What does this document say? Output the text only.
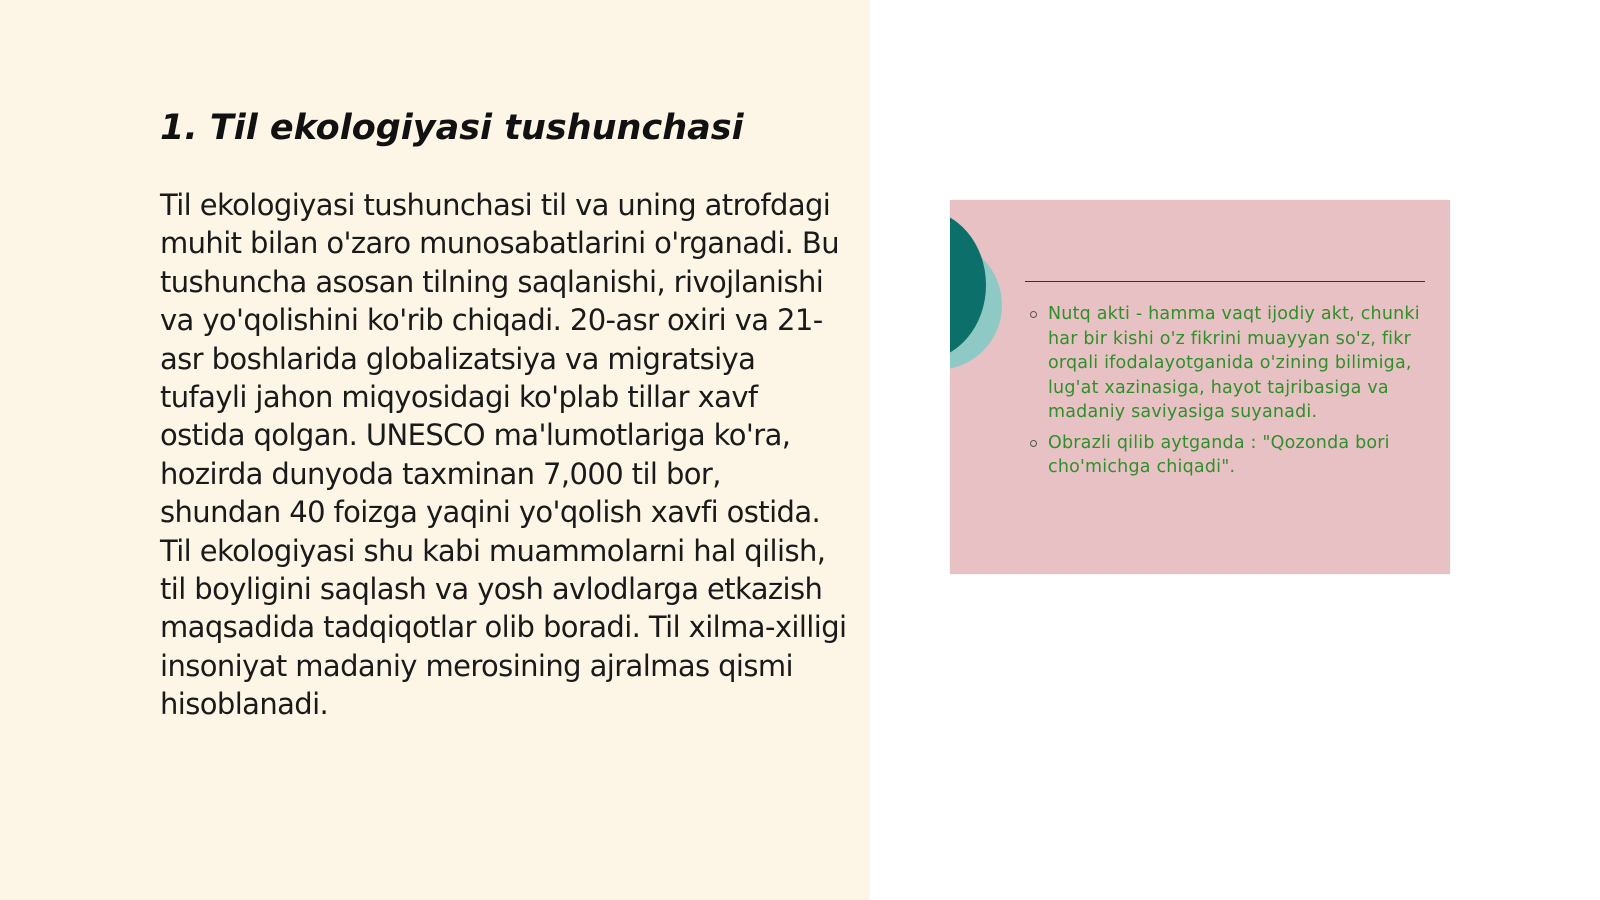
1. Til ekologiyasi tushunchasi

Til ekologiyasi tushunchasi til va uning atrofdagi muhit bilan o'zaro munosabatlarini o'rganadi. Bu tushuncha asosan tilning saqlanishi, rivojlanishi va yo'qolishini ko'rib chiqadi. 20-asr oxiri va 21-asr boshlarida globalizatsiya va migratsiya tufayli jahon miqyosidagi ko'plab tillar xavf ostida qolgan. UNESCO ma'lumotlariga ko'ra, hozirda dunyoda taxminan 7,000 til bor, shundan 40 foizga yaqini yo'qolish xavfi ostida. Til ekologiyasi shu kabi muammolarni hal qilish, til boyligini saqlash va yosh avlodlarga etkazish maqsadida tadqiqotlar olib boradi. Til xilma-xilligi insoniyat madaniy merosining ajralmas qismi hisoblanadi.

Nutq akti - hamma vaqt ijodiy akt, chunki har bir kishi o'z fikrini muayyan so'z, fikr orqali ifodalayotganida o'zining bilimiga, lug'at xazinasiga, hayot tajribasiga va madaniy saviyasiga suyanadi.
Obrazli qilib aytganda : "Qozonda bori cho'michga chiqadi".
